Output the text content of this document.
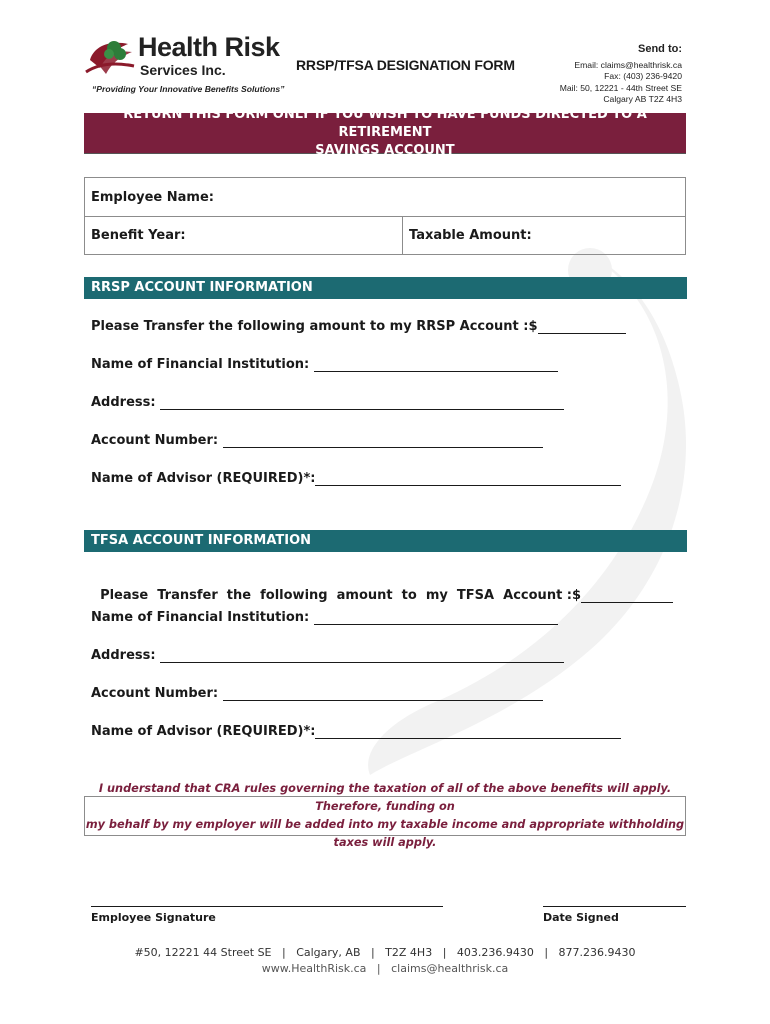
Health Risk
Services Inc.
“Providing Your Innovative Benefits Solutions”
RRSP/TFSA DESIGNATION FORM
Send to:
Email: claims@healthrisk.ca
Fax: (403) 236-9420
Mail: 50, 12221 - 44th Street SE
Calgary AB T2Z 4H3
RETURN THIS FORM ONLY IF YOU WISH TO HAVE FUNDS DIRECTED TO A RETIREMENT
SAVINGS ACCOUNT
Employee Name:
Benefit Year:	Taxable Amount:
RRSP ACCOUNT INFORMATION
Please Transfer the following amount to my RRSP Account :$
Name of Financial Institution:
Address:
Account Number:
Name of Advisor (REQUIRED)*:
TFSA ACCOUNT INFORMATION

Please  Transfer  the  following  amount  to  my  TFSA  Account :$

Name of Financial Institution:
Address:
Account Number:
Name of Advisor (REQUIRED)*:
I understand that CRA rules governing the taxation of all of the above benefits will apply. Therefore, funding on
my behalf by my employer will be added into my taxable income and appropriate withholding taxes will apply.
Employee Signature	Date Signed
#50, 12221 44 Street SE   |   Calgary, AB   |   T2Z 4H3   |   403.236.9430   |   877.236.9430
www.HealthRisk.ca   |   claims@healthrisk.ca
